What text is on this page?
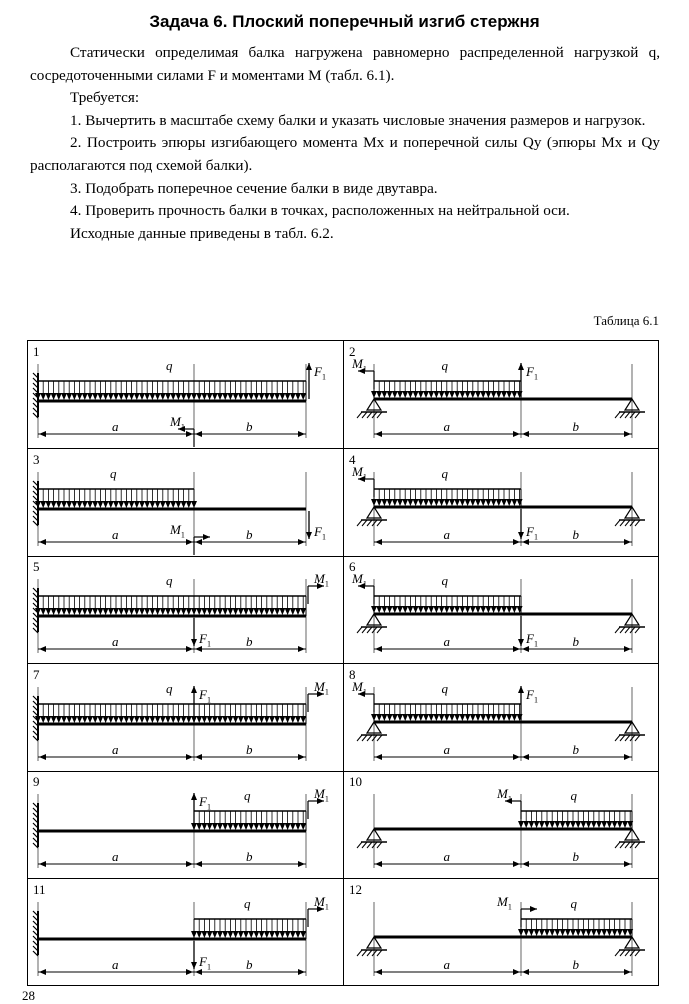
Задача 6. Плоский поперечный изгиб стержня

Статически определимая балка нагружена равномерно распределенной нагрузкой q, сосредоточенными силами F и моментами M (табл. 6.1).

Требуется:

1. Вычертить в масштабе схему балки и указать числовые значения размеров и нагрузок.

2. Построить эпюры изгибающего момента Mx и поперечной силы Qy (эпюры Mx и Qy располагаются под схемой балки).

3. Подобрать поперечное сечение балки в виде двутавра.

4. Проверить прочность балки в точках, расположенных на нейтральной оси.

Исходные данные приведены в табл. 6.2.

Таблица 6.1
1
q	$F_1$
$M_1$
a	b
2
q	$F_1$
$M_1$
a	b
3
q
$F_1$
$M_1$
a	b
4
q
$F_1$
$M_1$
a	b
5
q
$F_1$
$M_1$
a	b
6
q
$F_1$
$M_1$
a	b
7
q $F_1$
$M_1$
a	b
8
q	$F_1$
$M_1$
a	b
9
q
$F_1$
$M_1$
a	b
10
q
$M_1$
a	b
11
q
$F_1$
$M_1$
a	b
12
q
$M_1$
a	b
28
